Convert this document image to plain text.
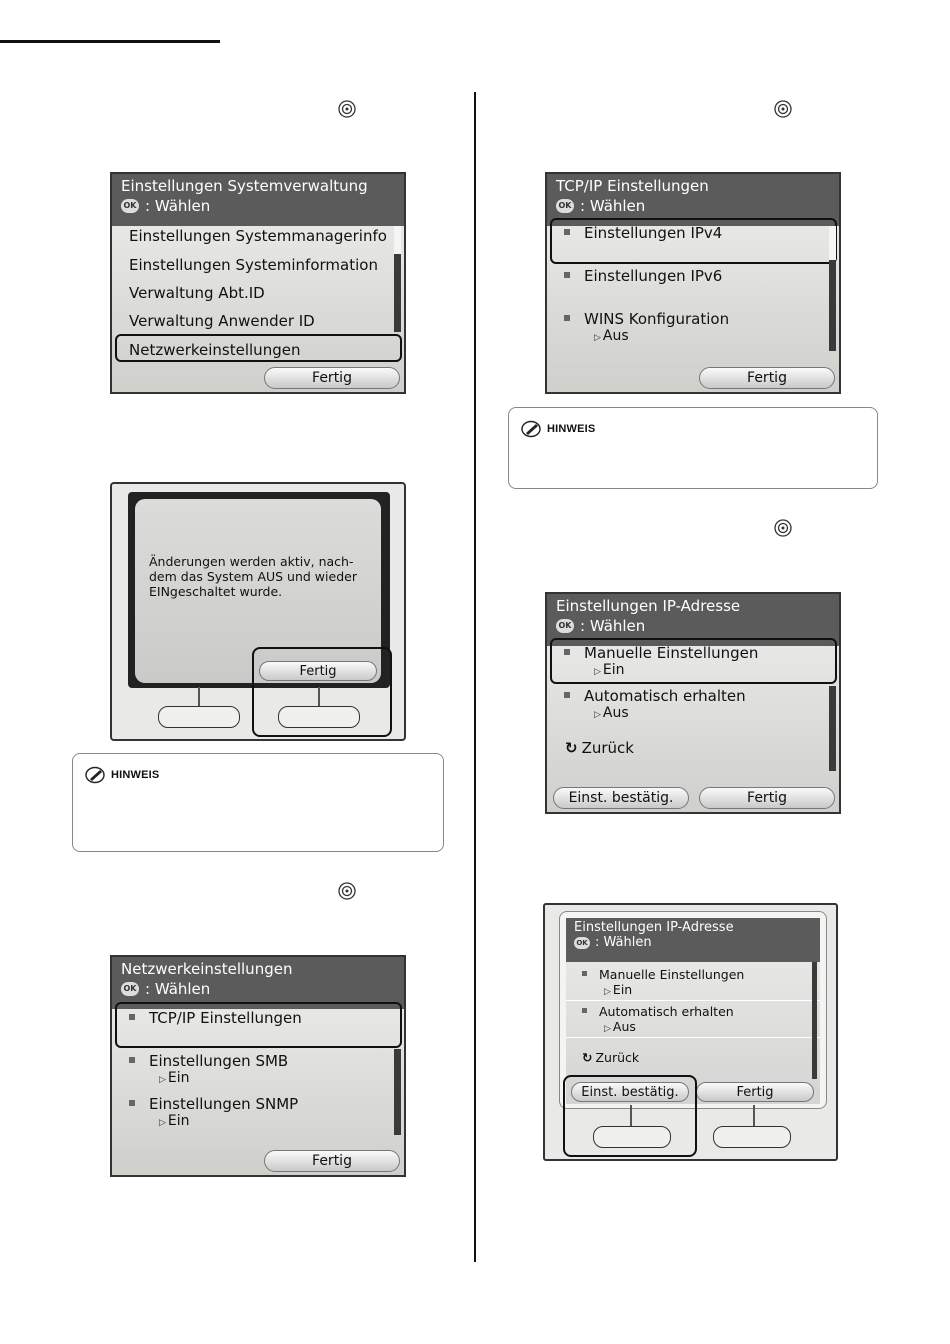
Einstellungen Systemverwaltung
OK : Wählen
Einstellungen Systemmanagerinfo
Einstellungen Systeminformation
Verwaltung Abt.ID
Verwaltung Anwender ID
Netzwerkeinstellungen
Fertig
Änderungen werden aktiv, nach-
dem das System AUS und wieder
EINgeschaltet wurde.
Fertig
HINWEIS
Netzwerkeinstellungen
OK : Wählen
TCP/IP Einstellungen
Einstellungen SMB
▷ Ein
Einstellungen SNMP
▷ Ein
Fertig
TCP/IP Einstellungen
OK : Wählen
Einstellungen IPv4
Einstellungen IPv6
WINS Konfiguration
▷ Aus
Fertig
HINWEIS
Einstellungen IP-Adresse
OK : Wählen
Manuelle Einstellungen
▷ Ein
Automatisch erhalten
▷ Aus
↻ Zurück
Einst. bestätig.	Fertig
Einstellungen IP-Adresse
OK : Wählen
Manuelle Einstellungen
▷ Ein
Automatisch erhalten
▷ Aus
↻ Zurück
Einst. bestätig.	Fertig
